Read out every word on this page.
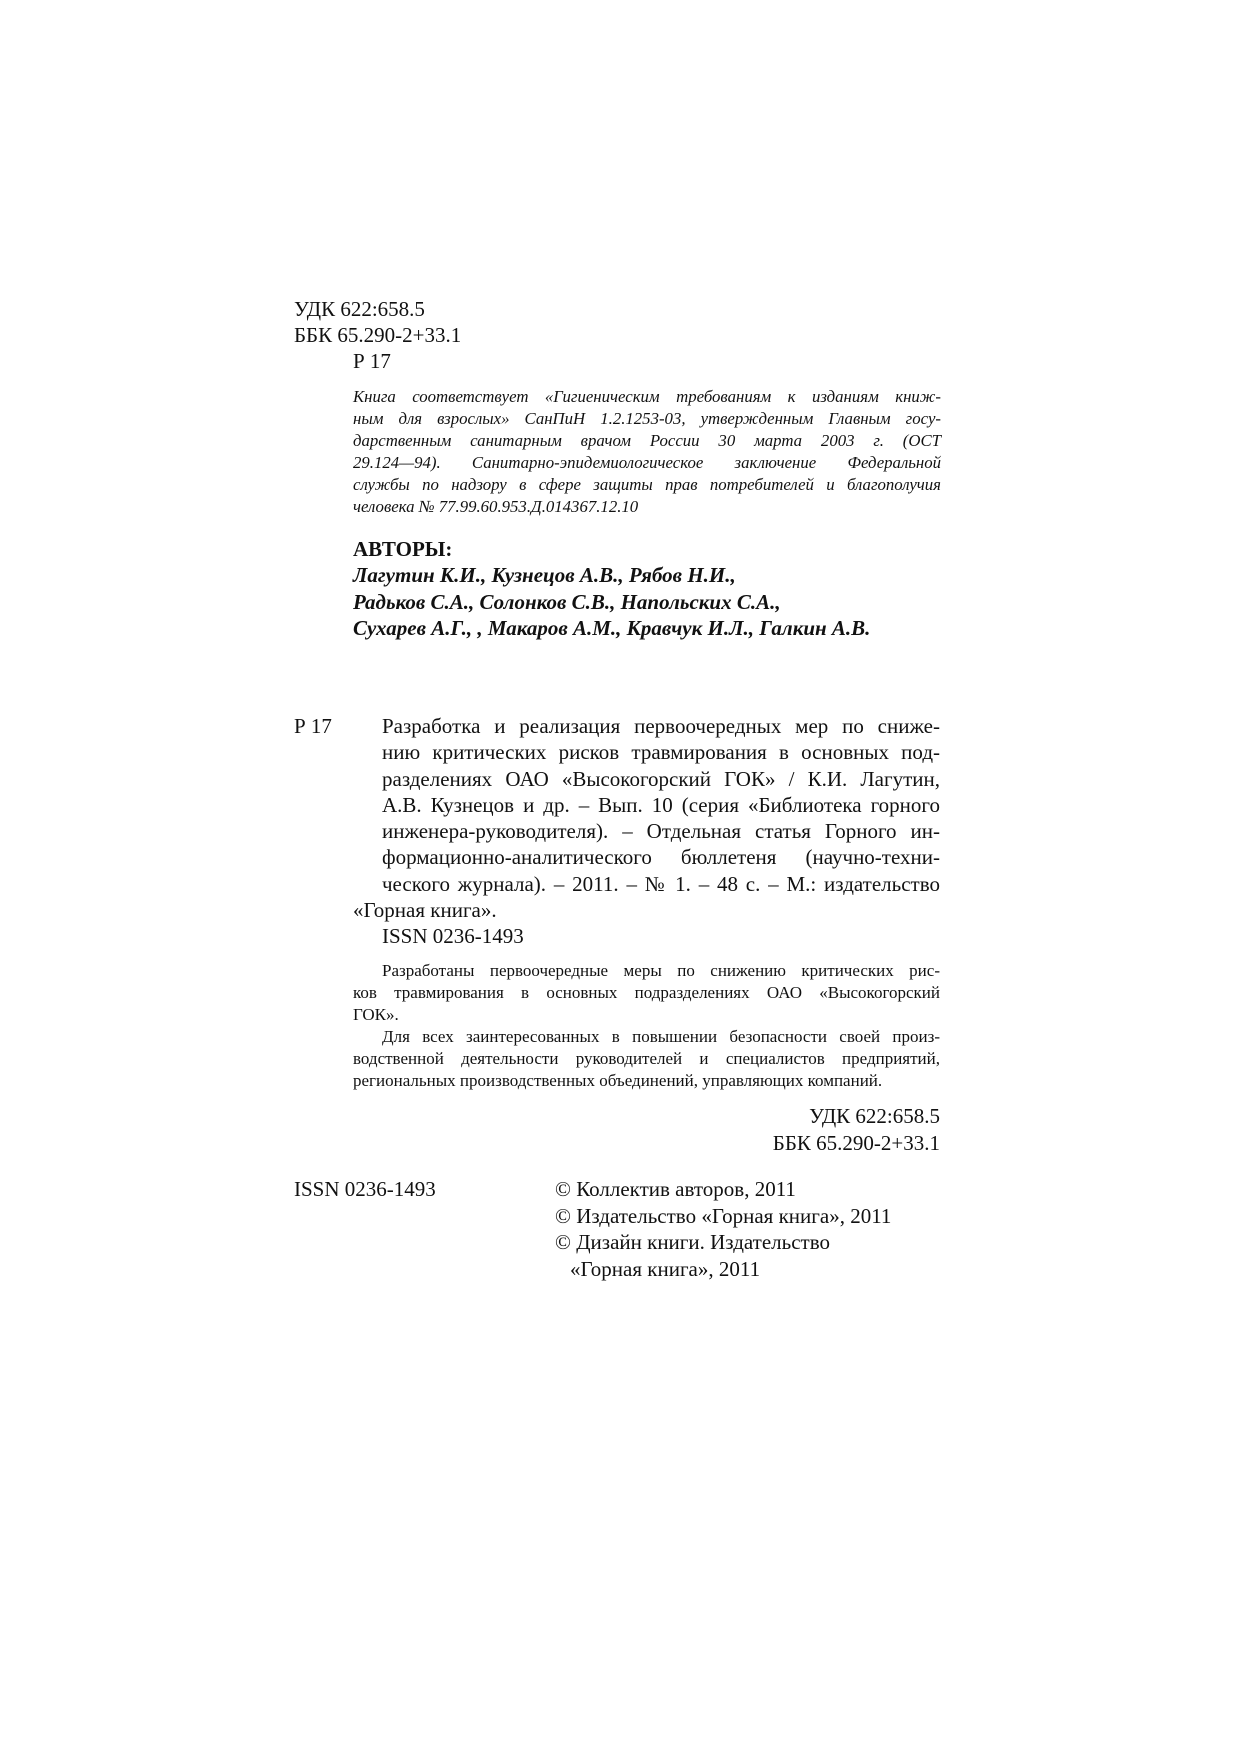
УДК 622:658.5
ББК 65.290-2+33.1
Р 17
Книга соответствует «Гигиеническим требованиям к изданиям книж-
ным для взрослых» СанПиН 1.2.1253-03, утвержденным Главным госу-
дарственным санитарным врачом России 30 марта 2003 г. (ОСТ
29.124—94). Санитарно-эпидемиологическое заключение Федеральной
службы по надзору в сфере защиты прав потребителей и благополучия
человека № 77.99.60.953.Д.014367.12.10
АВТОРЫ:
Лагутин К.И., Кузнецов А.В., Рябов Н.И.,
Радьков С.А., Солонков С.В., Напольских С.А.,
Сухарев А.Г., , Макаров А.М., Кравчук И.Л., Галкин А.В.
Р 17 Разработка и реализация первоочередных мер по сниже-
нию критических рисков травмирования в основных под-
разделениях ОАО «Высокогорский ГОК» / К.И. Лагутин,
А.В. Кузнецов и др. – Вып. 10 (серия «Библиотека горного
инженера-руководителя). – Отдельная статья Горного ин-
формационно-аналитического бюллетеня (научно-техни-
ческого журнала). – 2011. – № 1. – 48 с. – М.: издательство
«Горная книга».
ISSN 0236-1493
Разработаны первоочередные меры по снижению критических рис-
ков травмирования в основных подразделениях ОАО «Высокогорский
ГОК».
Для всех заинтересованных в повышении безопасности своей произ-
водственной деятельности руководителей и специалистов предприятий,
региональных производственных объединений, управляющих компаний.
УДК 622:658.5
ББК 65.290-2+33.1
ISSN 0236-1493	© Коллектив авторов, 2011
© Издательство «Горная книга», 2011
© Дизайн книги. Издательство
«Горная книга», 2011
